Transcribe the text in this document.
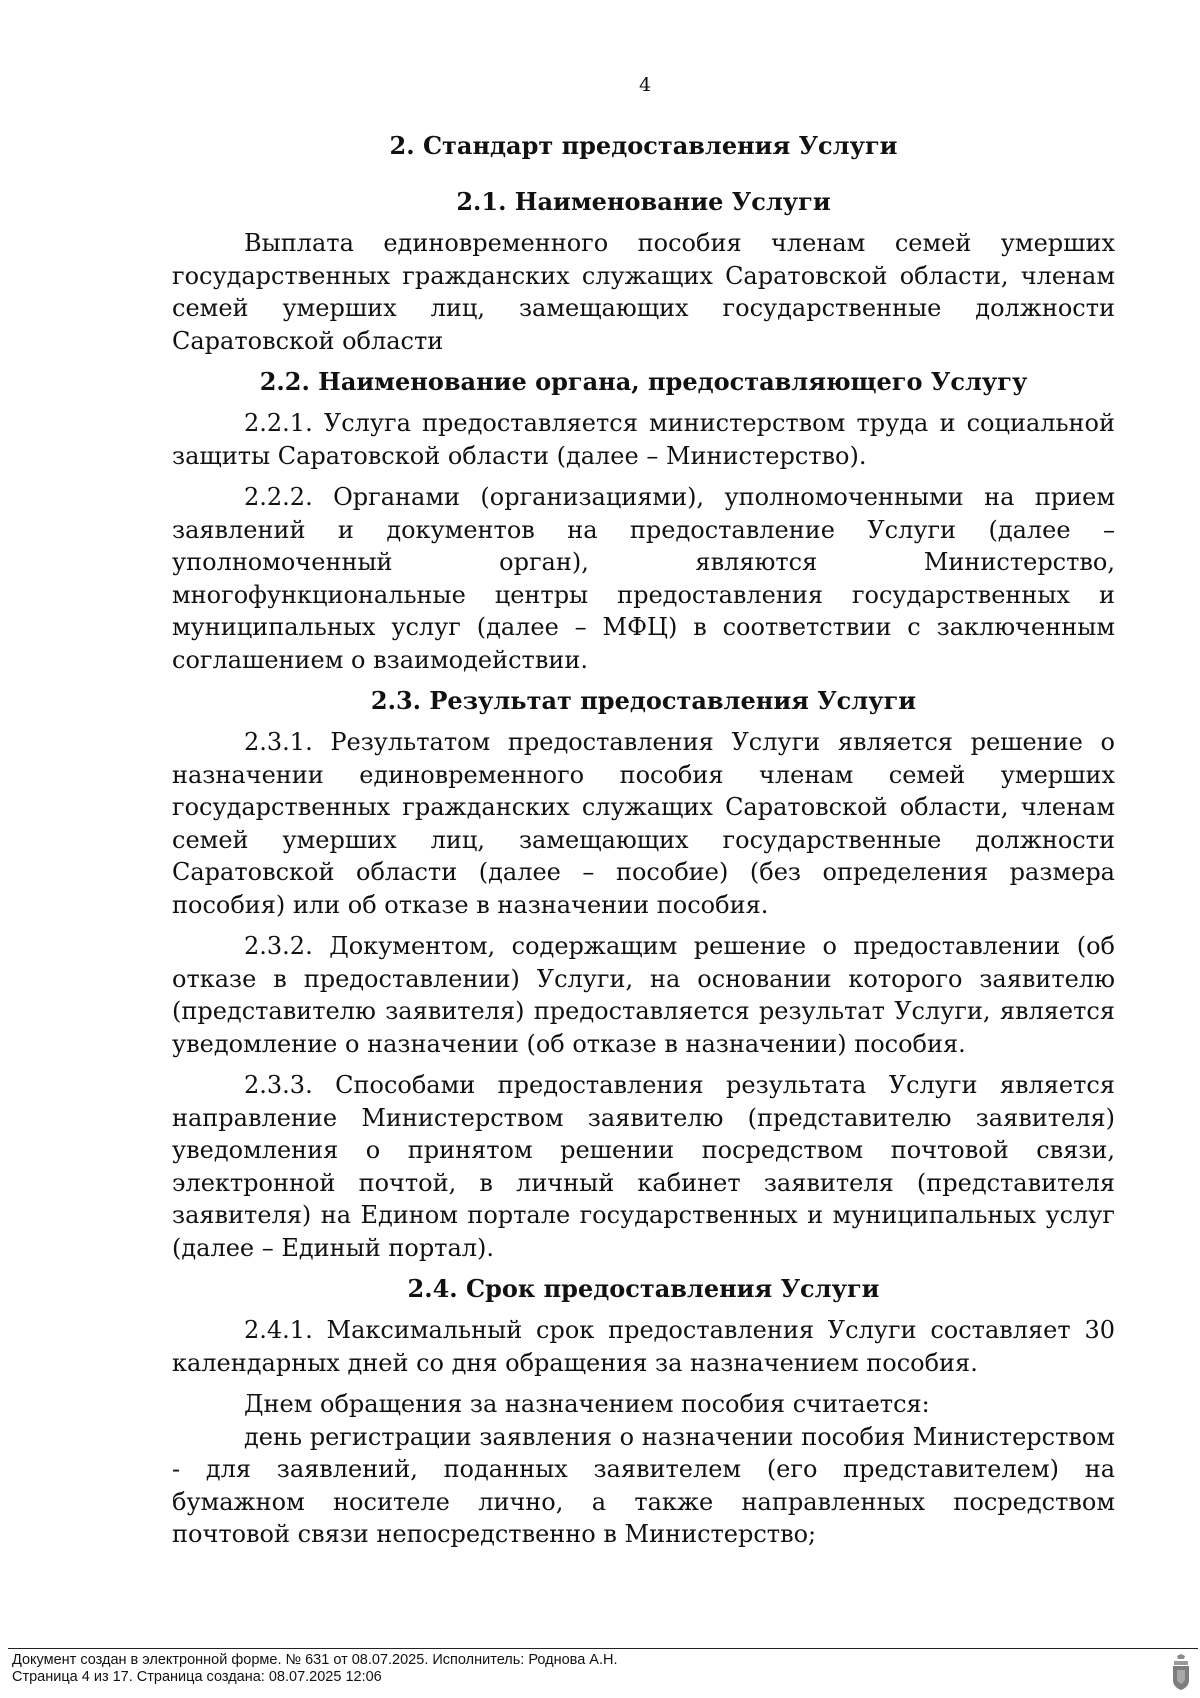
4
2. Стандарт предоставления Услуги
2.1. Наименование Услуги

Выплата единовременного пособия членам семей умерших государственных гражданских служащих Саратовской области, членам семей умерших лиц, замещающих государственные должности Саратовской области

2.2. Наименование органа, предоставляющего Услугу

2.2.1. Услуга предоставляется министерством труда и социальной защиты Саратовской области (далее – Министерство).

2.2.2. Органами (организациями), уполномоченными на прием заявлений и документов на предоставление Услуги (далее – уполномоченный орган), являются Министерство, многофункциональные центры предоставления государственных и муниципальных услуг (далее – МФЦ) в соответствии с заключенным соглашением о взаимодействии.

2.3. Результат предоставления Услуги

2.3.1. Результатом предоставления Услуги является решение о назначении единовременного пособия членам семей умерших государственных гражданских служащих Саратовской области, членам семей умерших лиц, замещающих государственные должности Саратовской области (далее – пособие) (без определения размера пособия) или об отказе в назначении пособия.

2.3.2. Документом, содержащим решение о предоставлении (об отказе в предоставлении) Услуги, на основании которого заявителю (представителю заявителя) предоставляется результат Услуги, является уведомление о назначении (об отказе в назначении) пособия.

2.3.3. Способами предоставления результата Услуги является направление Министерством заявителю (представителю заявителя) уведомления о принятом решении посредством почтовой связи, электронной почтой, в личный кабинет заявителя (представителя заявителя) на Едином портале государственных и муниципальных услуг (далее – Единый портал).

2.4. Срок предоставления Услуги

2.4.1. Максимальный срок предоставления Услуги составляет 30 календарных дней со дня обращения за назначением пособия.

Днем обращения за назначением пособия считается:

день регистрации заявления о назначении пособия Министерством - для заявлений, поданных заявителем (его представителем) на бумажном носителе лично, а также направленных посредством почтовой связи непосредственно в Министерство;

Документ создан в электронной форме. № 631 от 08.07.2025. Исполнитель: Роднова А.Н.
Страница 4 из 17. Страница создана: 08.07.2025 12:06
